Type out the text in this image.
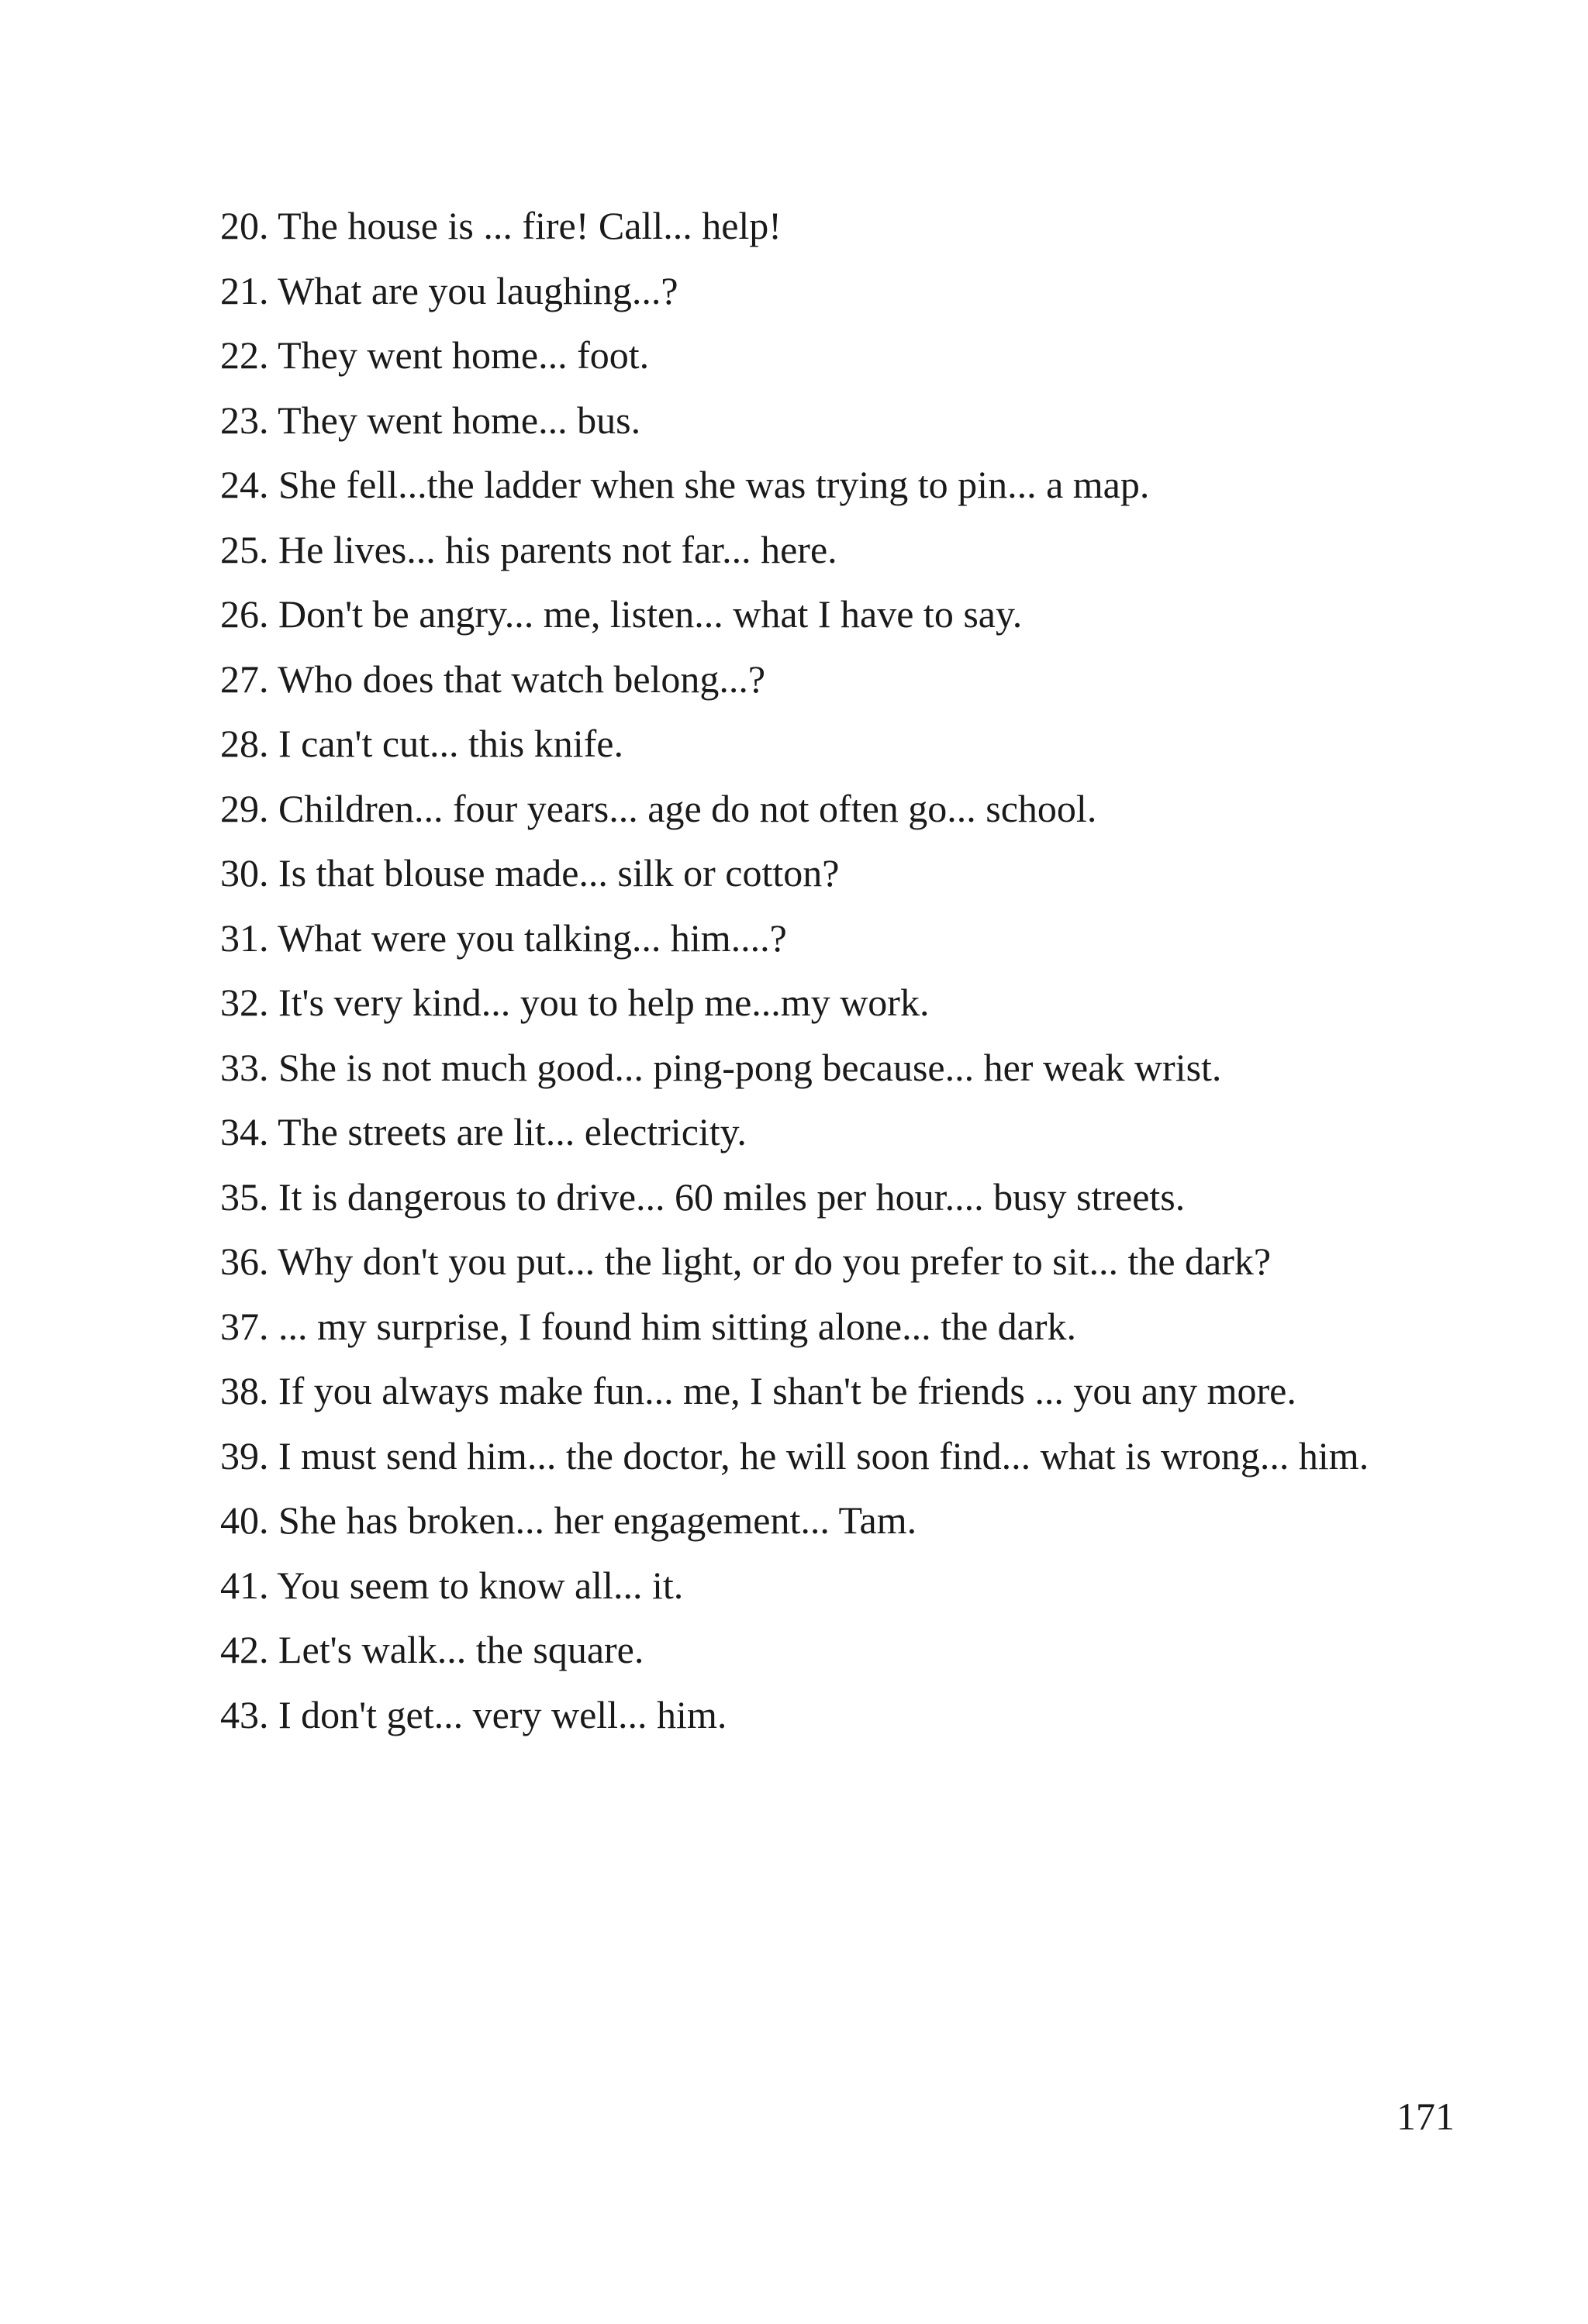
20. The house is ... fire! Call... help!
21. What are you laughing...?
22. They went home... foot.
23. They went home... bus.
24. She fell...the ladder when she was trying to pin... a map.
25. He lives... his parents not far... here.
26. Don't be angry... me, listen... what I have to say.
27. Who does that watch belong...?
28. I can't cut... this knife.
29. Children... four years... age do not often go... school.
30. Is that blouse made... silk or cotton?
31. What were you talking... him....?
32. It's very kind... you to help me...my work.
33. She is not much good... ping-pong because... her weak wrist.
34. The streets are lit... electricity.
35. It is dangerous to drive... 60 miles per hour.... busy streets.
36. Why don't you put... the light, or do you prefer to sit... the dark?
37. ... my surprise, I found him sitting alone... the dark.
38. If you always make fun... me, I shan't be friends ... you any more.
39. I must send him... the doctor, he will soon find... what is wrong... him.
40. She has broken... her engagement... Tam.
41. You seem to know all... it.
42. Let's walk... the square.
43. I don't get... very well... him.
171
